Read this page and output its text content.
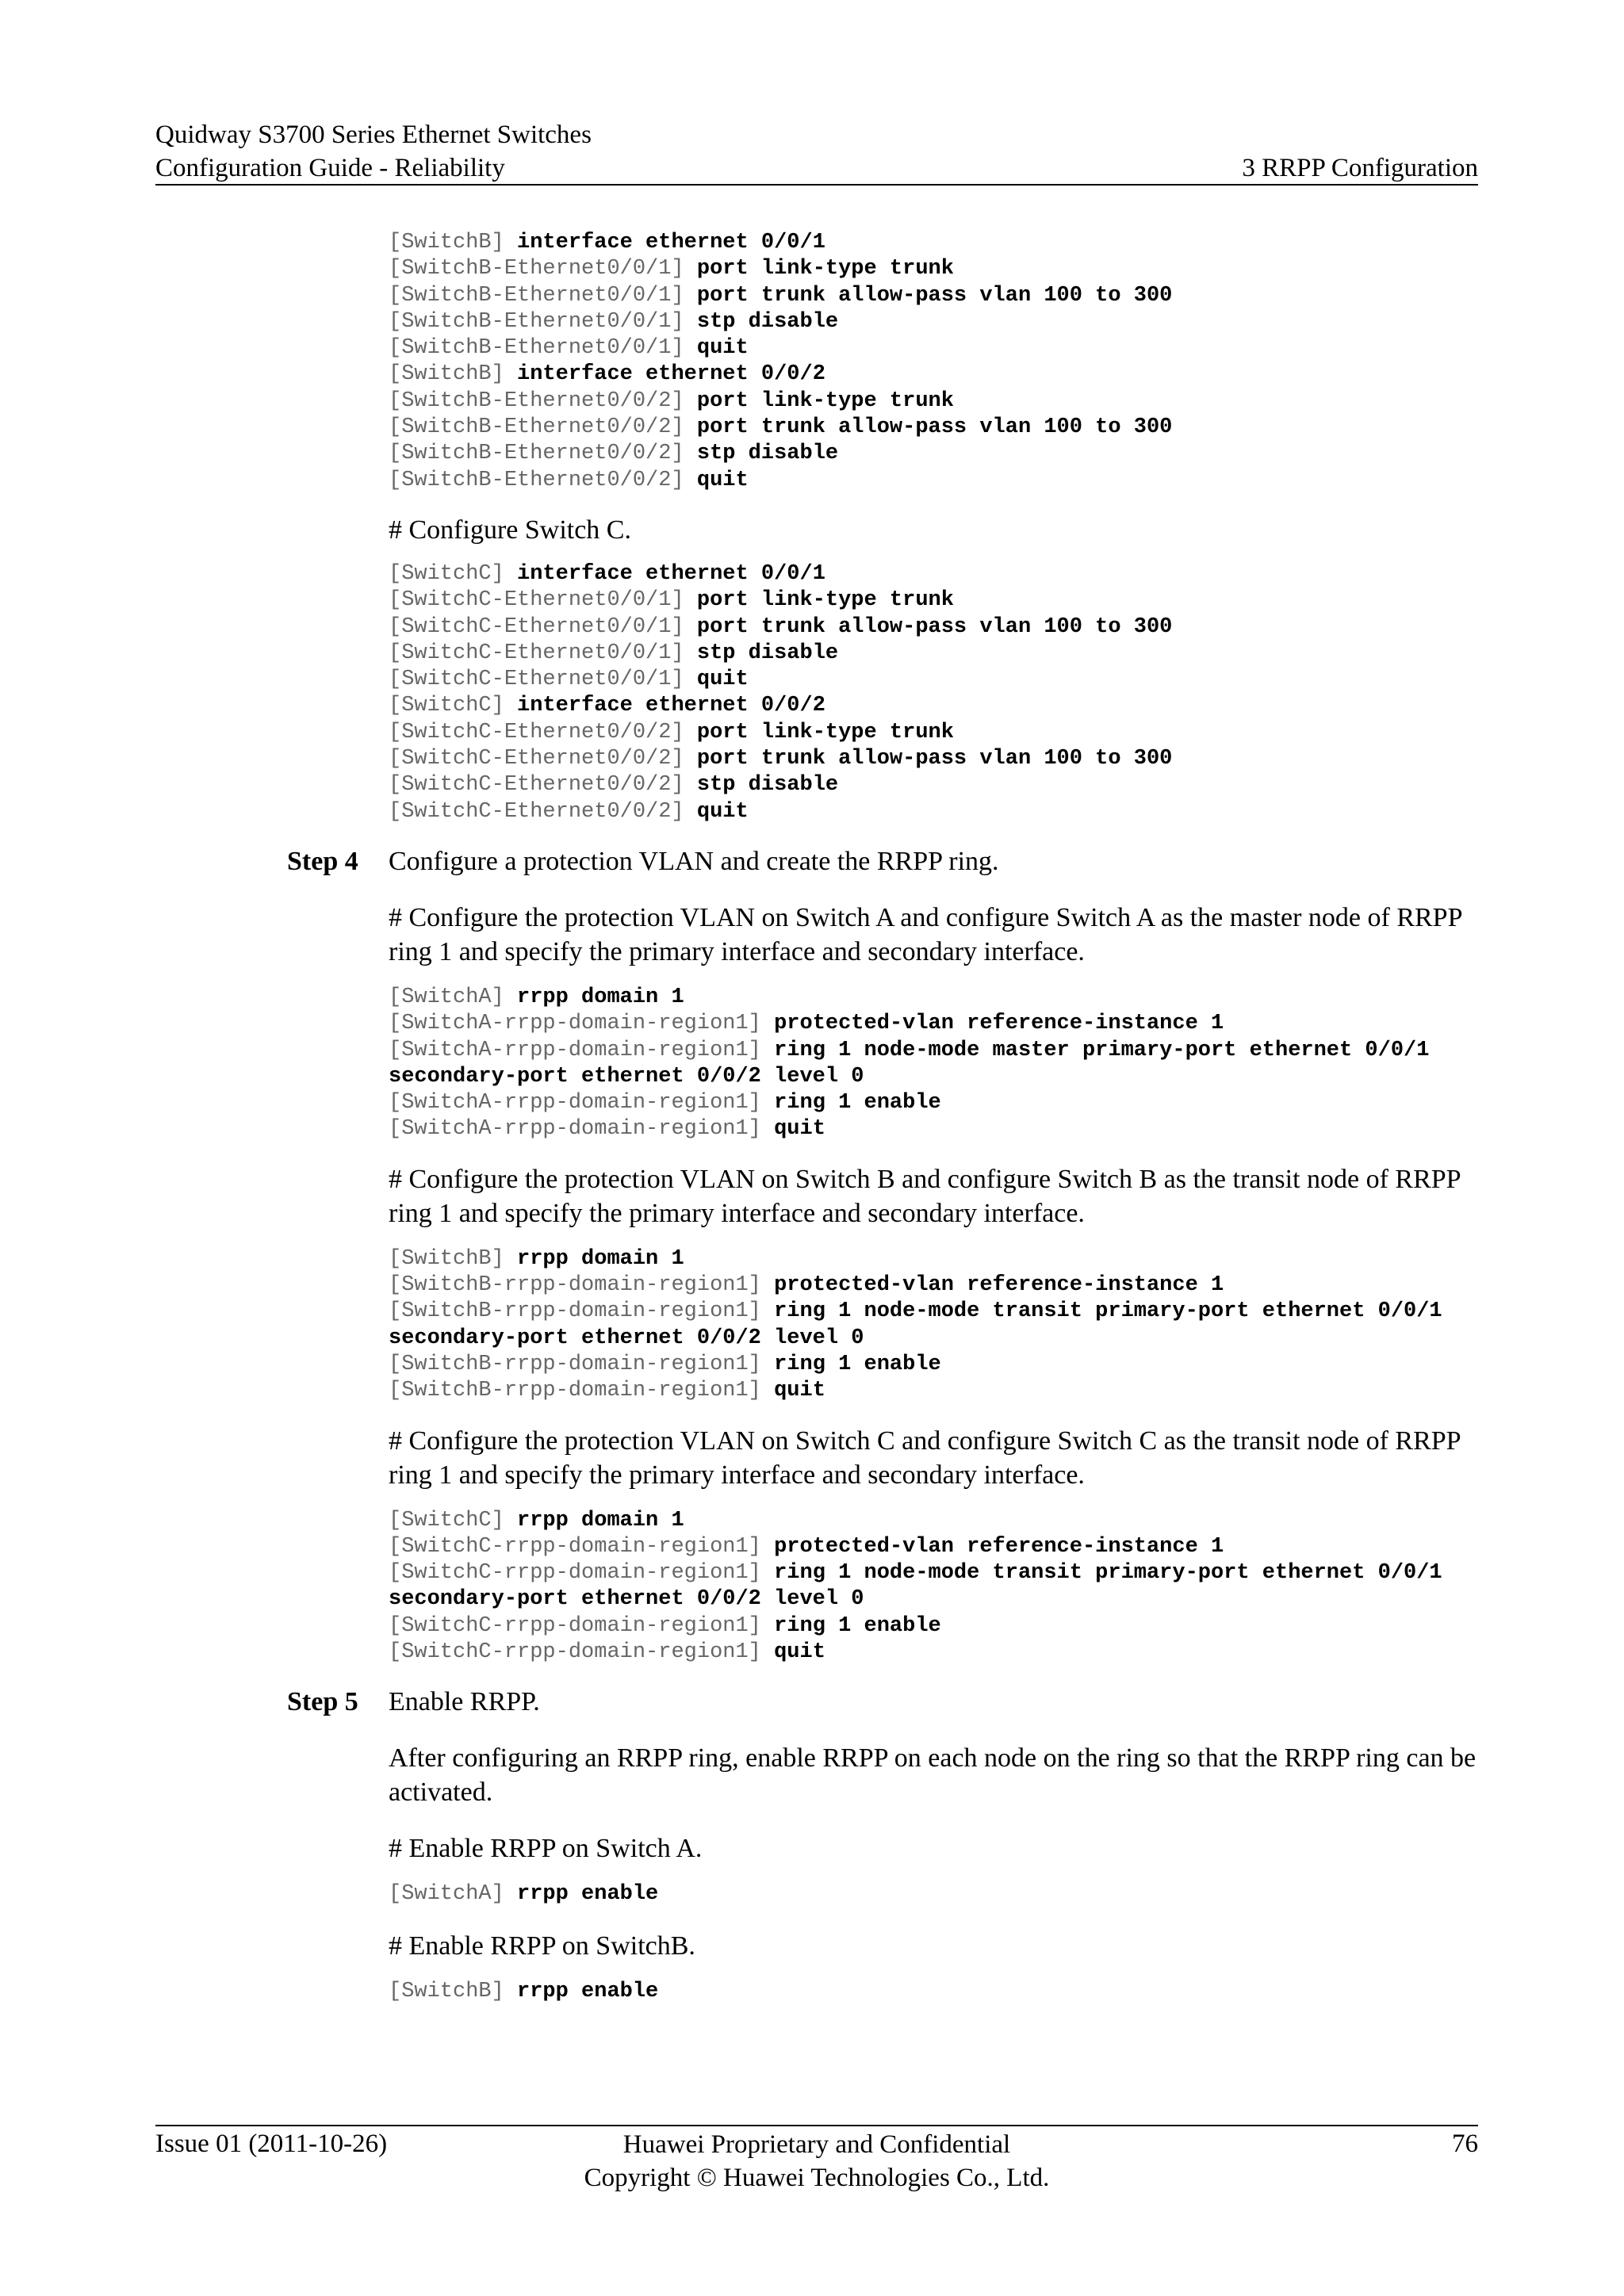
Quidway S3700 Series Ethernet Switches
Configuration Guide - Reliability	3 RRPP Configuration
[SwitchB] interface ethernet 0/0/1
[SwitchB-Ethernet0/0/1] port link-type trunk
[SwitchB-Ethernet0/0/1] port trunk allow-pass vlan 100 to 300
[SwitchB-Ethernet0/0/1] stp disable
[SwitchB-Ethernet0/0/1] quit
[SwitchB] interface ethernet 0/0/2
[SwitchB-Ethernet0/0/2] port link-type trunk
[SwitchB-Ethernet0/0/2] port trunk allow-pass vlan 100 to 300
[SwitchB-Ethernet0/0/2] stp disable
[SwitchB-Ethernet0/0/2] quit

# Configure Switch C.

[SwitchC] interface ethernet 0/0/1
[SwitchC-Ethernet0/0/1] port link-type trunk
[SwitchC-Ethernet0/0/1] port trunk allow-pass vlan 100 to 300
[SwitchC-Ethernet0/0/1] stp disable
[SwitchC-Ethernet0/0/1] quit
[SwitchC] interface ethernet 0/0/2
[SwitchC-Ethernet0/0/2] port link-type trunk
[SwitchC-Ethernet0/0/2] port trunk allow-pass vlan 100 to 300
[SwitchC-Ethernet0/0/2] stp disable
[SwitchC-Ethernet0/0/2] quit
Step 4 Configure a protection VLAN and create the RRPP ring.

# Configure the protection VLAN on Switch A and configure Switch A as the master node of RRPP ring 1 and specify the primary interface and secondary interface.

[SwitchA] rrpp domain 1
[SwitchA-rrpp-domain-region1] protected-vlan reference-instance 1
[SwitchA-rrpp-domain-region1] ring 1 node-mode master primary-port ethernet 0/0/1
secondary-port ethernet 0/0/2 level 0
[SwitchA-rrpp-domain-region1] ring 1 enable
[SwitchA-rrpp-domain-region1] quit

# Configure the protection VLAN on Switch B and configure Switch B as the transit node of RRPP ring 1 and specify the primary interface and secondary interface.

[SwitchB] rrpp domain 1
[SwitchB-rrpp-domain-region1] protected-vlan reference-instance 1
[SwitchB-rrpp-domain-region1] ring 1 node-mode transit primary-port ethernet 0/0/1
secondary-port ethernet 0/0/2 level 0
[SwitchB-rrpp-domain-region1] ring 1 enable
[SwitchB-rrpp-domain-region1] quit

# Configure the protection VLAN on Switch C and configure Switch C as the transit node of RRPP ring 1 and specify the primary interface and secondary interface.

[SwitchC] rrpp domain 1
[SwitchC-rrpp-domain-region1] protected-vlan reference-instance 1
[SwitchC-rrpp-domain-region1] ring 1 node-mode transit primary-port ethernet 0/0/1
secondary-port ethernet 0/0/2 level 0
[SwitchC-rrpp-domain-region1] ring 1 enable
[SwitchC-rrpp-domain-region1] quit
Step 5 Enable RRPP.

After configuring an RRPP ring, enable RRPP on each node on the ring so that the RRPP ring can be activated.

# Enable RRPP on Switch A.

[SwitchA] rrpp enable

# Enable RRPP on SwitchB.

[SwitchB] rrpp enable
Issue 01 (2011-10-26)	Huawei Proprietary and Confidential
Copyright © Huawei Technologies Co., Ltd.
76
